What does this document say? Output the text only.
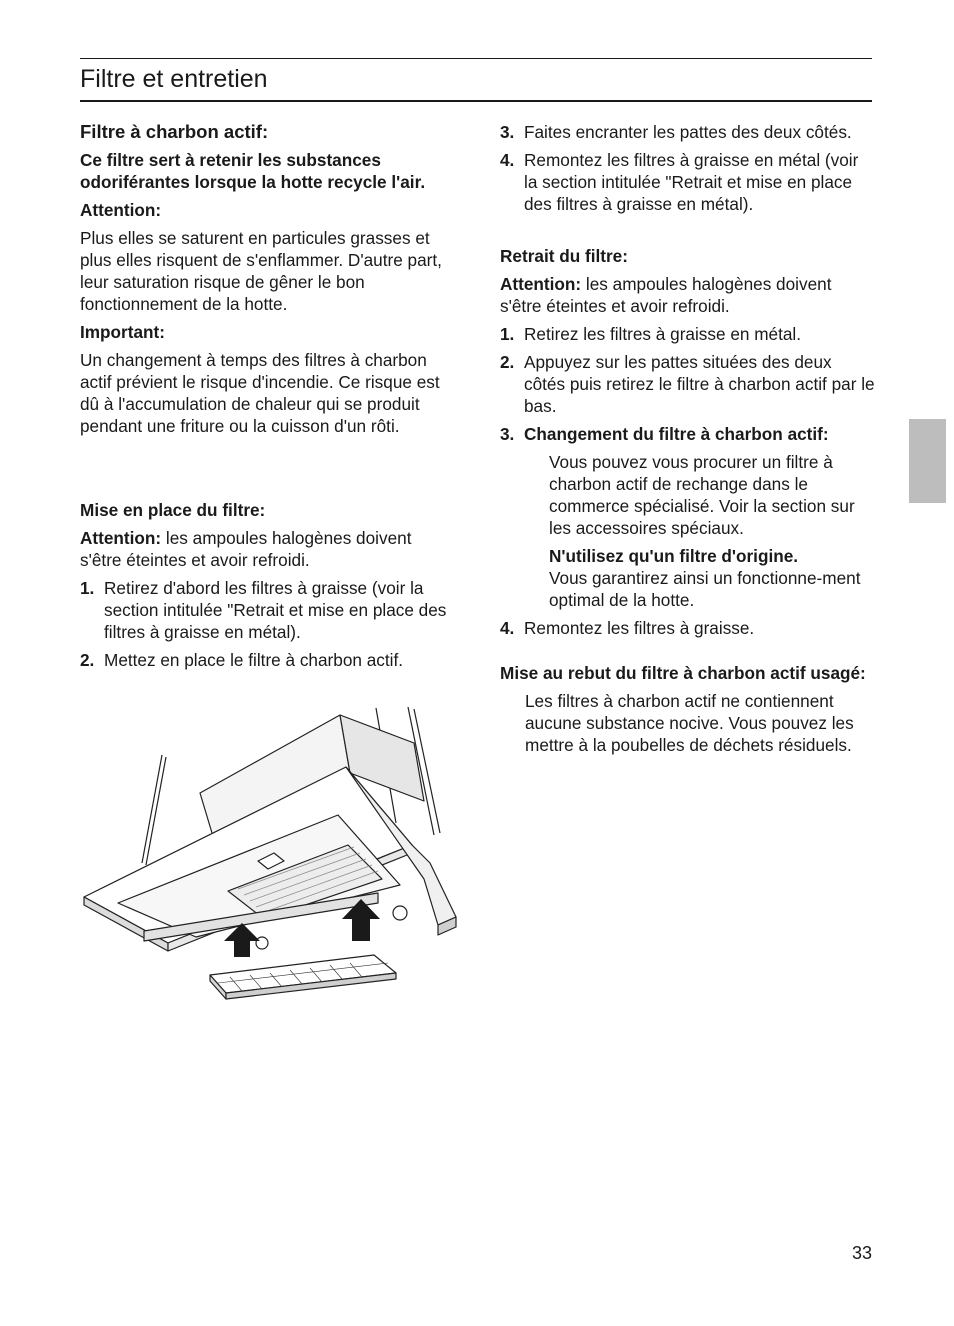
Filtre et entretien

Filtre à charbon actif:

Ce filtre sert à retenir les substances odoriférantes lorsque la hotte recycle l'air.

Attention:

Plus elles se saturent en particules grasses et plus elles risquent de s'enflammer. D'autre part, leur saturation risque de gêner le bon fonctionnement de la hotte.

Important:

Un changement à temps des filtres à charbon actif prévient le risque d'incendie. Ce risque est dû à l'accumulation de chaleur qui se produit pendant une friture ou la cuisson d'un rôti.

Mise en place du filtre:

Attention: les ampoules halogènes doivent s'être éteintes et avoir refroidi.

1. Retirez d'abord les filtres à graisse (voir la section intitulée "Retrait et mise en place des filtres à graisse en métal).
2. Mettez en place le filtre à charbon actif.
3. Faites encranter les pattes des deux côtés.
4. Remontez les filtres à graisse en métal (voir la section intitulée "Retrait et mise en place des filtres à graisse en métal).

Retrait du filtre:

Attention: les ampoules halogènes doivent s'être éteintes et avoir refroidi.

1. Retirez les filtres à graisse en métal.
2. Appuyez sur les pattes situées des deux côtés puis retirez le filtre à charbon actif par le bas.
3. Changement du filtre à charbon actif:

Vous pouvez vous procurer un filtre à charbon actif de rechange dans le commerce spécialisé. Voir la section sur les accessoires spéciaux.

N'utilisez qu'un filtre d'origine.

Vous garantirez ainsi un fonctionne-ment optimal de la hotte.

4. Remontez les filtres à graisse.

Mise au rebut du filtre à charbon actif usagé:

Les filtres à charbon actif ne contiennent aucune substance nocive. Vous pouvez les mettre à la poubelles de déchets résiduels.

33
